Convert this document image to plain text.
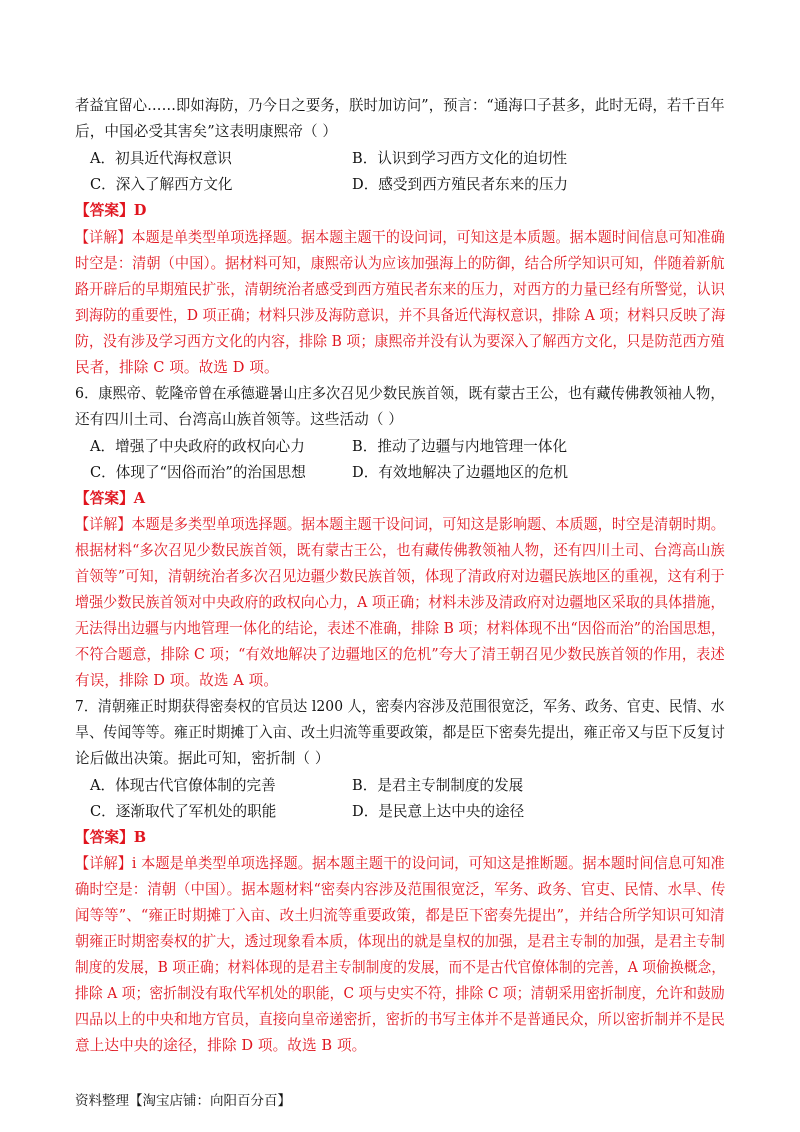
者益宜留心……即如海防，乃今日之要务，朕时加访问”，预言：“通海口子甚多，此时无碍，若千百年
后，中国必受其害矣”这表明康熙帝（ ）
A．初具近代海权意识	B．认识到学习西方文化的迫切性
C．深入了解西方文化	D．感受到西方殖民者东来的压力
【答案】D
【详解】本题是单类型单项选择题。据本题主题干的设问词，可知这是本质题。据本题时间信息可知准确
时空是：清朝（中国）。据材料可知，康熙帝认为应该加强海上的防御，结合所学知识可知，伴随着新航
路开辟后的早期殖民扩张，清朝统治者感受到西方殖民者东来的压力，对西方的力量已经有所警觉，认识
到海防的重要性，D 项正确；材料只涉及海防意识，并不具备近代海权意识，排除 A 项；材料只反映了海
防，没有涉及学习西方文化的内容，排除 B 项；康熙帝并没有认为要深入了解西方文化，只是防范西方殖
民者，排除 C 项。故选 D 项。
6．康熙帝、乾隆帝曾在承德避暑山庄多次召见少数民族首领，既有蒙古王公，也有藏传佛教领袖人物，
还有四川土司、台湾高山族首领等。这些活动（ ）
A．增强了中央政府的政权向心力	B．推动了边疆与内地管理一体化
C．体现了“因俗而治”的治国思想	D．有效地解决了边疆地区的危机
【答案】A
【详解】本题是多类型单项选择题。据本题主题干设问词，可知这是影响题、本质题，时空是清朝时期。
根据材料“多次召见少数民族首领，既有蒙古王公，也有藏传佛教领袖人物，还有四川土司、台湾高山族
首领等”可知，清朝统治者多次召见边疆少数民族首领，体现了清政府对边疆民族地区的重视，这有利于
增强少数民族首领对中央政府的政权向心力，A 项正确；材料未涉及清政府对边疆地区采取的具体措施，
无法得出边疆与内地管理一体化的结论，表述不准确，排除 B 项；材料体现不出“因俗而治”的治国思想，
不符合题意，排除 C 项；“有效地解决了边疆地区的危机”夸大了清王朝召见少数民族首领的作用，表述
有误，排除 D 项。故选 A 项。
7．清朝雍正时期获得密奏权的官员达 l200 人，密奏内容涉及范围很宽泛，军务、政务、官吏、民情、水
旱、传闻等等。雍正时期摊丁入亩、改土归流等重要政策，都是臣下密奏先提出，雍正帝又与臣下反复讨
论后做出决策。据此可知，密折制（ ）
A．体现古代官僚体制的完善	B．是君主专制制度的发展
C．逐渐取代了军机处的职能	D．是民意上达中央的途径
【答案】B
【详解】i 本题是单类型单项选择题。据本题主题干的设问词，可知这是推断题。据本题时间信息可知准
确时空是：清朝（中国）。据本题材料“密奏内容涉及范围很宽泛，军务、政务、官吏、民情、水旱、传
闻等等”、“雍正时期摊丁入亩、改土归流等重要政策，都是臣下密奏先提出”，并结合所学知识可知清
朝雍正时期密奏权的扩大，透过现象看本质，体现出的就是皇权的加强，是君主专制的加强，是君主专制
制度的发展，B 项正确；材料体现的是君主专制制度的发展，而不是古代官僚体制的完善，A 项偷换概念，
排除 A 项；密折制没有取代军机处的职能，C 项与史实不符，排除 C 项；清朝采用密折制度，允许和鼓励
四品以上的中央和地方官员，直接向皇帝递密折，密折的书写主体并不是普通民众，所以密折制并不是民
意上达中央的途径，排除 D 项。故选 B 项。
资料整理【淘宝店铺：向阳百分百】
